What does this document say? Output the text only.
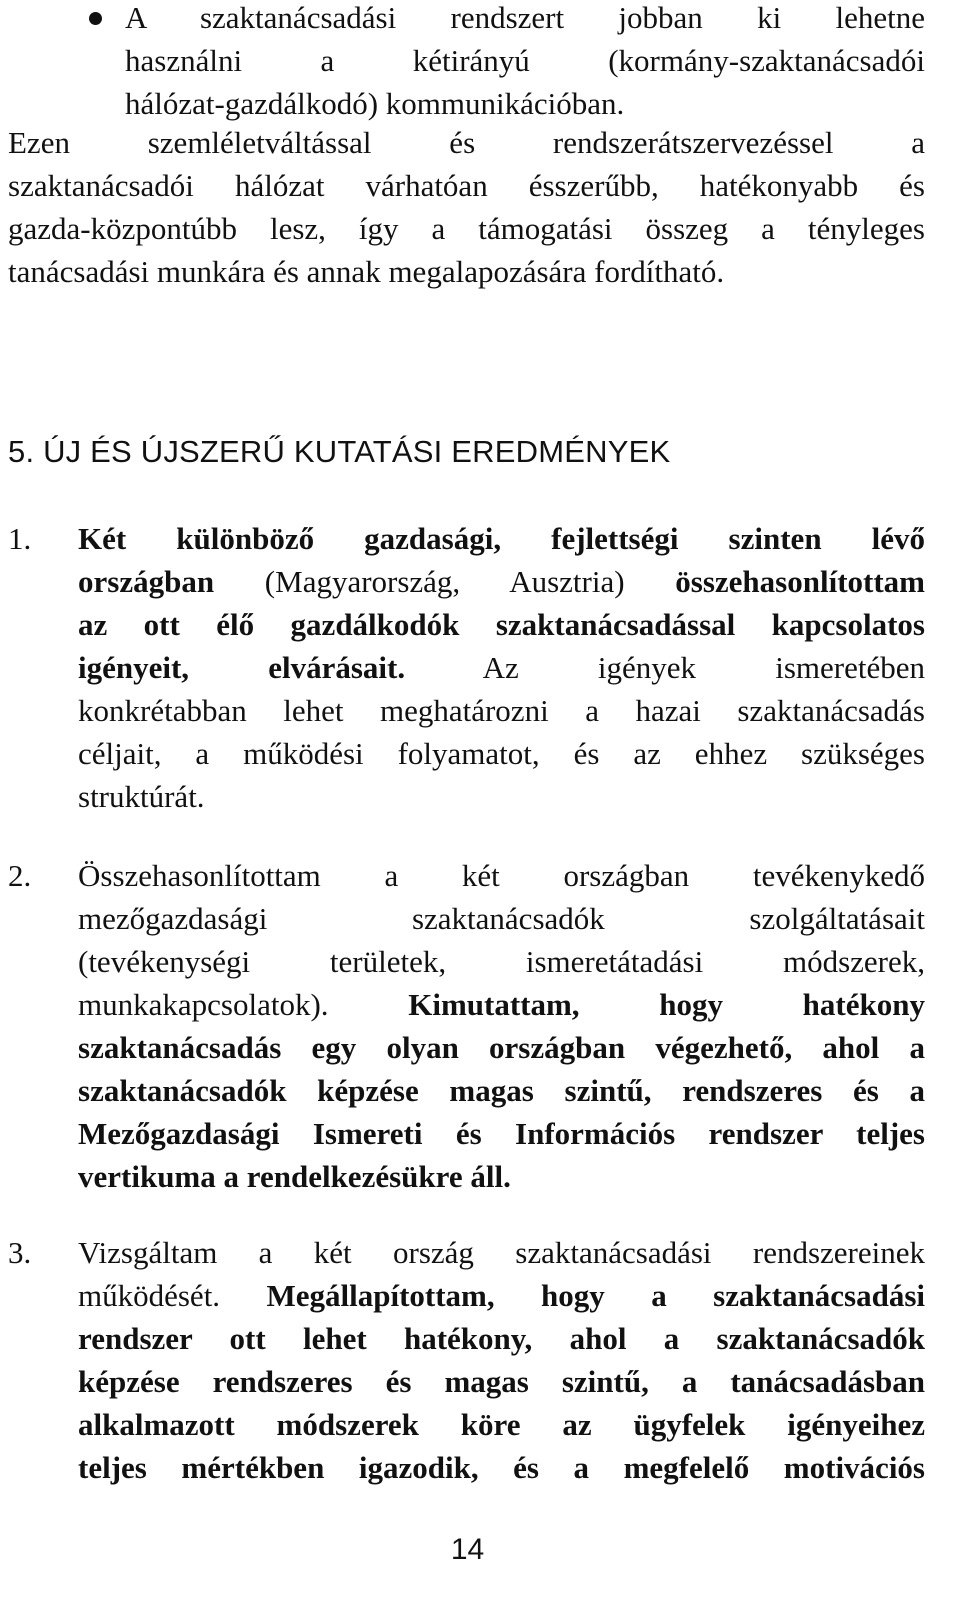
A szaktanácsadási rendszert jobban ki lehetne
használni a kétirányú (kormány-szaktanácsadói
hálózat-gazdálkodó) kommunikációban.
Ezen szemléletváltással és rendszerátszervezéssel a
szaktanácsadói hálózat várhatóan ésszerűbb, hatékonyabb és
gazda-központúbb lesz, így a támogatási összeg a tényleges
tanácsadási munkára és annak megalapozására fordítható.
5. ÚJ ÉS ÚJSZERŰ KUTATÁSI EREDMÉNYEK
1. Két különböző gazdasági, fejlettségi szinten lévő
országban (Magyarország, Ausztria) összehasonlítottam
az ott élő gazdálkodók szaktanácsadással kapcsolatos
igényeit, elvárásait. Az igények ismeretében
konkrétabban lehet meghatározni a hazai szaktanácsadás
céljait, a működési folyamatot, és az ehhez szükséges
struktúrát.
2. Összehasonlítottam a két országban tevékenykedő
mezőgazdasági szaktanácsadók szolgáltatásait
(tevékenységi területek, ismeretátadási módszerek,
munkakapcsolatok). Kimutattam, hogy hatékony
szaktanácsadás egy olyan országban végezhető, ahol a
szaktanácsadók képzése magas szintű, rendszeres és a
Mezőgazdasági Ismereti és Információs rendszer teljes
vertikuma a rendelkezésükre áll.
3. Vizsgáltam a két ország szaktanácsadási rendszereinek
működését. Megállapítottam, hogy a szaktanácsadási
rendszer ott lehet hatékony, ahol a szaktanácsadók
képzése rendszeres és magas szintű, a tanácsadásban
alkalmazott módszerek köre az ügyfelek igényeihez
teljes mértékben igazodik, és a megfelelő motivációs
14
